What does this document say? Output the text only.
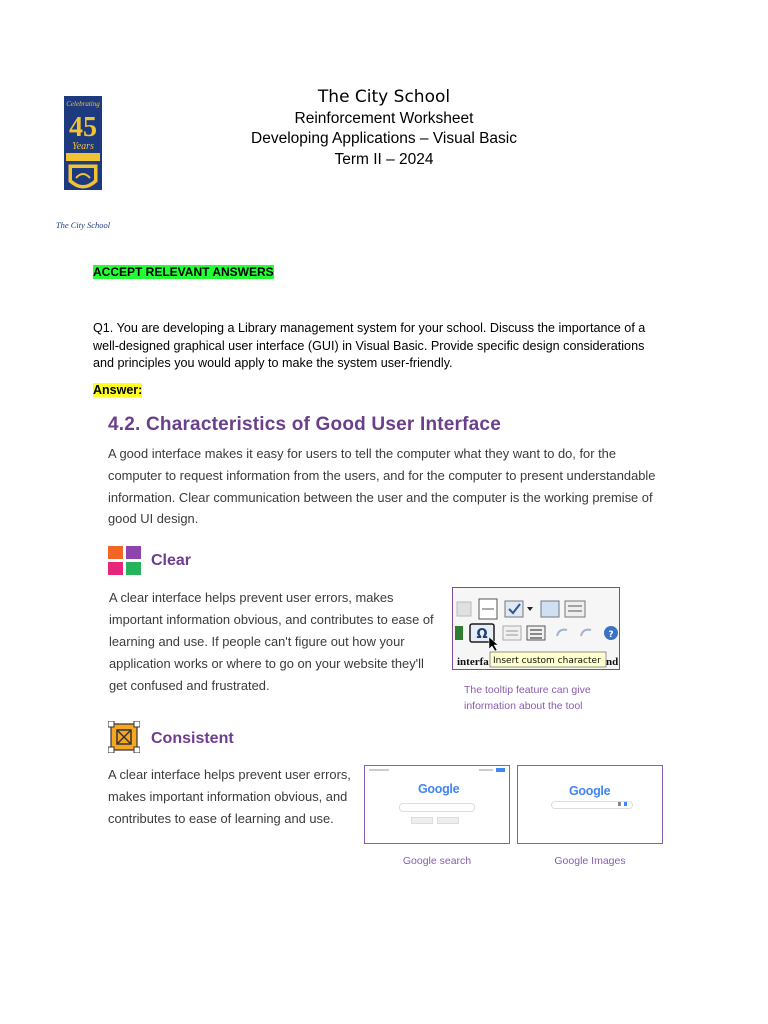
Celebrating
45
Years
The City School
The City School
Reinforcement Worksheet
Developing Applications – Visual Basic
Term II – 2024
ACCEPT RELEVANT ANSWERS
Q1. You are developing a Library management system for your school. Discuss the importance of a well-designed graphical user interface (GUI) in Visual Basic. Provide specific design considerations and principles you would apply to make the system user-friendly.
Answer:
4.2. Characteristics of Good User Interface
A good interface makes it easy for users to tell the computer what they want to do, for the computer to request information from the users, and for the computer to present understandable information. Clear communication between the user and the computer is the working premise of good UI design.
Clear
A clear interface helps prevent user errors, makes important information obvious, and contributes to ease of learning and use. If people can't figure out how your application works or where to go on your website they'll get confused and frustrated.
Ω	?
interfa Insert custom character nd
The tooltip feature can give information about the tool
Consistent
A clear interface helps prevent user errors, makes important information obvious, and contributes to ease of learning and use.
Google	Google
Google search	Google Images
